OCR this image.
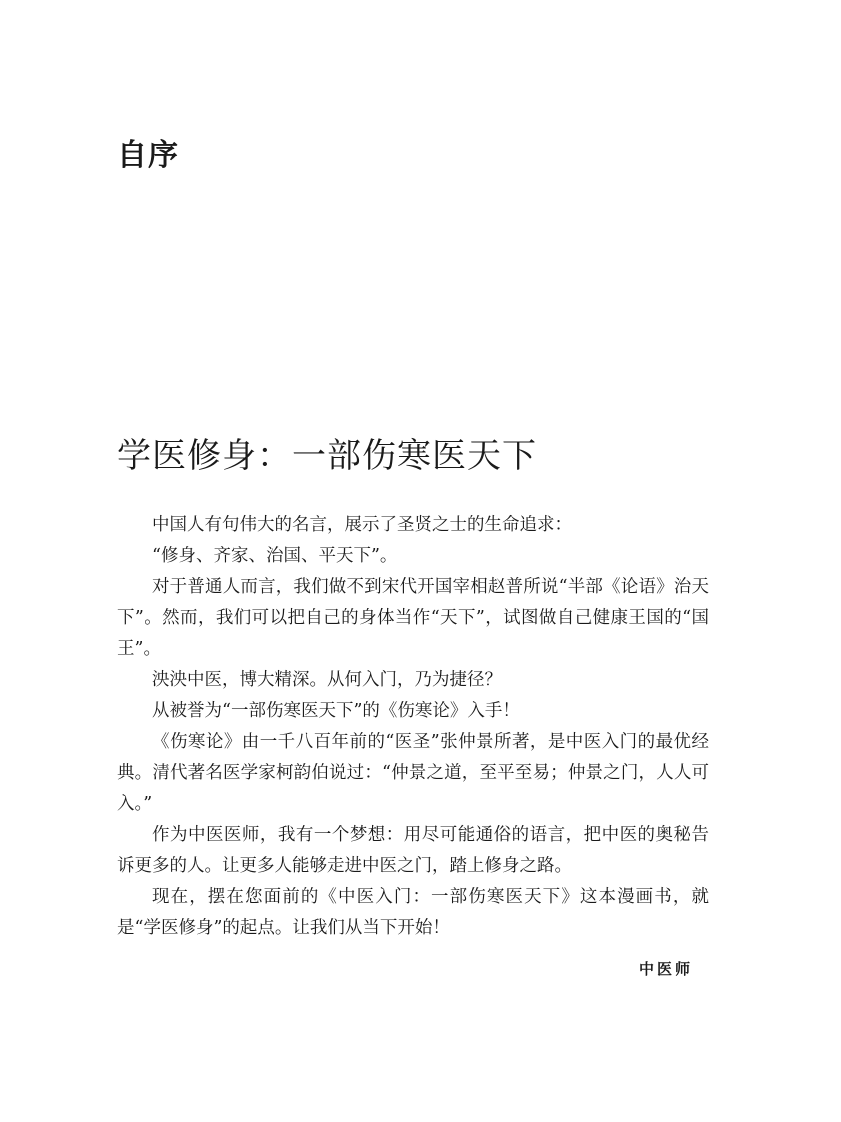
自序
学医修身：一部伤寒医天下

中国人有句伟大的名言，展示了圣贤之士的生命追求：

“修身、齐家、治国、平天下”。

对于普通人而言，我们做不到宋代开国宰相赵普所说“半部《论语》治天下”。然而，我们可以把自己的身体当作“天下”，试图做自己健康王国的“国王”。

泱泱中医，博大精深。从何入门，乃为捷径？

从被誉为“一部伤寒医天下”的《伤寒论》入手！

《伤寒论》由一千八百年前的“医圣”张仲景所著，是中医入门的最优经典。清代著名医学家柯韵伯说过：“仲景之道，至平至易；仲景之门，人人可入。”

作为中医医师，我有一个梦想：用尽可能通俗的语言，把中医的奥秘告诉更多的人。让更多人能够走进中医之门，踏上修身之路。

现在，摆在您面前的《中医入门：一部伤寒医天下》这本漫画书，就是“学医修身”的起点。让我们从当下开始！

中医师
